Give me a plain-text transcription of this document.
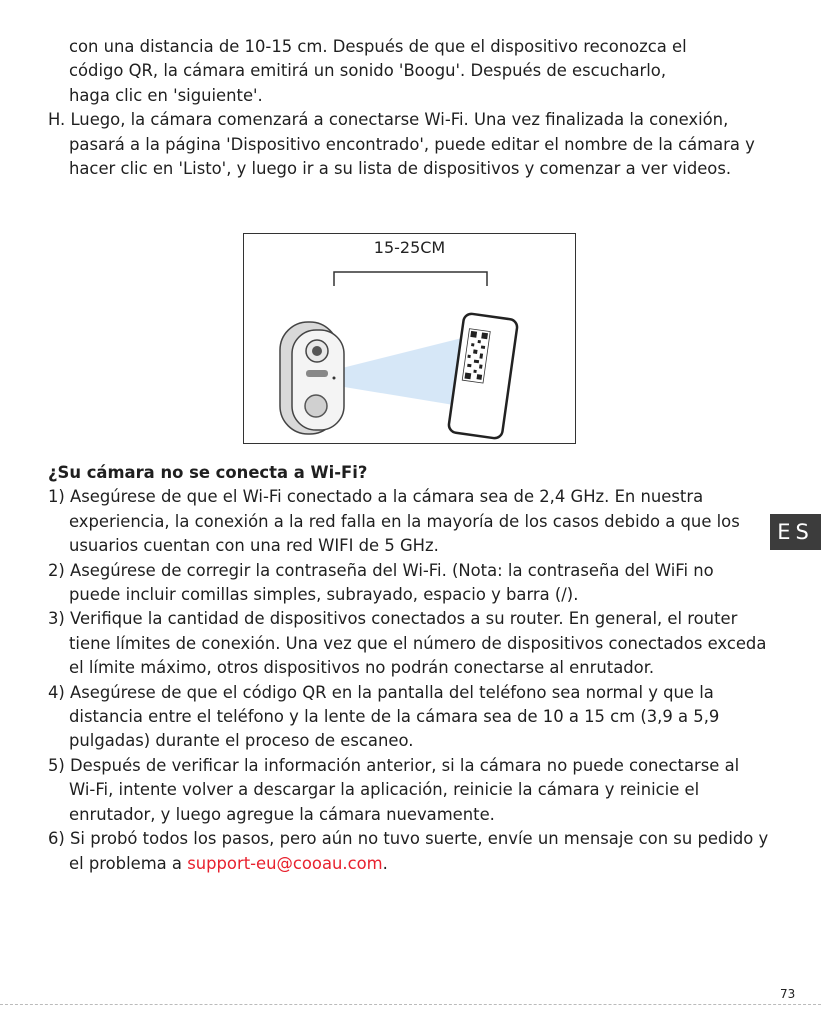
con una distancia de 10-15 cm. Después de que el dispositivo reconozca el

código QR, la cámara emitirá un sonido 'Boogu'. Después de escucharlo,

haga clic en 'siguiente'.

H. Luego, la cámara comenzará a conectarse Wi-Fi. Una vez finalizada la conexión, pasará a la página 'Dispositivo encontrado', puede editar el nombre de la cámara y hacer clic en 'Listo', y luego ir a su lista de dispositivos y comenzar a ver videos.

15-25CM

¿Su cámara no se conecta a Wi-Fi?

1) Asegúrese de que el Wi-Fi conectado a la cámara sea de 2,4 GHz. En nuestra experiencia, la conexión a la red falla en la mayoría de los casos debido a que los usuarios cuentan con una red WIFI de 5 GHz.

2) Asegúrese de corregir la contraseña del Wi-Fi. (Nota: la contraseña del WiFi no puede incluir comillas simples, subrayado, espacio y barra (/).

3) Verifique la cantidad de dispositivos conectados a su router. En general, el router tiene límites de conexión. Una vez que el número de dispositivos conectados exceda el límite máximo, otros dispositivos no podrán conectarse al enrutador.

4) Asegúrese de que el código QR en la pantalla del teléfono sea normal y que la distancia entre el teléfono y la lente de la cámara sea de 10 a 15 cm (3,9 a 5,9 pulgadas) durante el proceso de escaneo.

5) Después de verificar la información anterior, si la cámara no puede conectarse al Wi-Fi, intente volver a descargar la aplicación, reinicie la cámara y reinicie el enrutador, y luego agregue la cámara nuevamente.

6) Si probó todos los pasos, pero aún no tuvo suerte, envíe un mensaje con su pedido y el problema a support-eu@cooau.com.

ES
73
